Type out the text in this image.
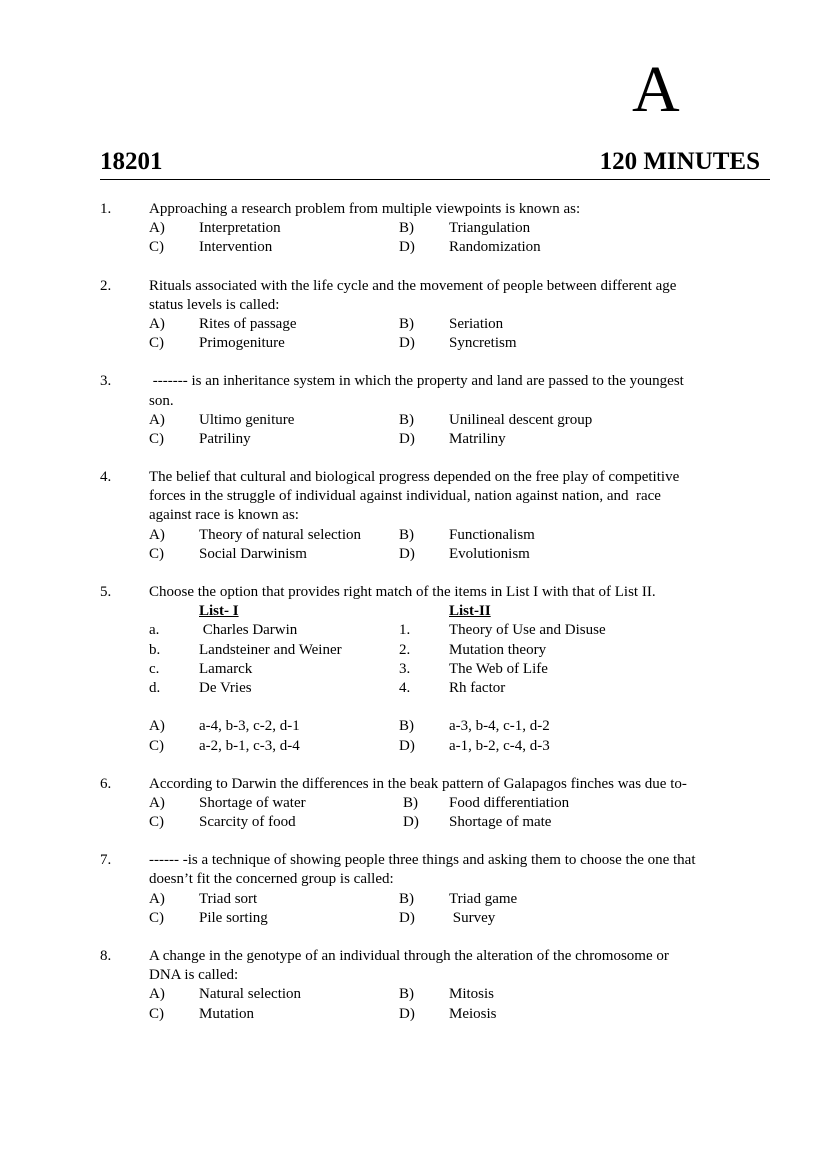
A
18201	120 MINUTES
1.	Approaching a research problem from multiple viewpoints is known as:
A) Interpretation	B) Triangulation
C) Intervention	D) Randomization
2.	Rituals associated with the life cycle and the movement of people between different age
status levels is called:
A) Rites of passage	B) Seriation
C) Primogeniture	D) Syncretism
3.	------- is an inheritance system in which the property and land are passed to the youngest
son.
A) Ultimo geniture	B) Unilineal descent group
C) Patriliny	D) Matriliny
4.	The belief that cultural and biological progress depended on the free play of competitive
forces in the struggle of individual against individual, nation against nation, and  race
against race is known as:
A) Theory of natural selection	B) Functionalism
C) Social Darwinism	D) Evolutionism
5.	Choose the option that provides right match of the items in List I with that of List II.
List- I	List-II
a.	Charles Darwin	1.	Theory of Use and Disuse
b.	Landsteiner and Weiner	2.	Mutation theory
c.	Lamarck	3.	The Web of Life
d.	De Vries	4.	Rh factor
A) a-4, b-3, c-2, d-1	B) a-3, b-4, c-1, d-2
C) a-2, b-1, c-3, d-4	D) a-1, b-2, c-4, d-3
6.	According to Darwin the differences in the beak pattern of Galapagos finches was due to-
A) Shortage of water	B) Food differentiation
C) Scarcity of food	D) Shortage of mate
7.	------ -is a technique of showing people three things and asking them to choose the one that
doesn’t fit the concerned group is called:
A) Triad sort	B) Triad game
C) Pile sorting	D) Survey
8.	A change in the genotype of an individual through the alteration of the chromosome or
DNA is called:
A) Natural selection	B) Mitosis
C) Mutation	D) Meiosis
